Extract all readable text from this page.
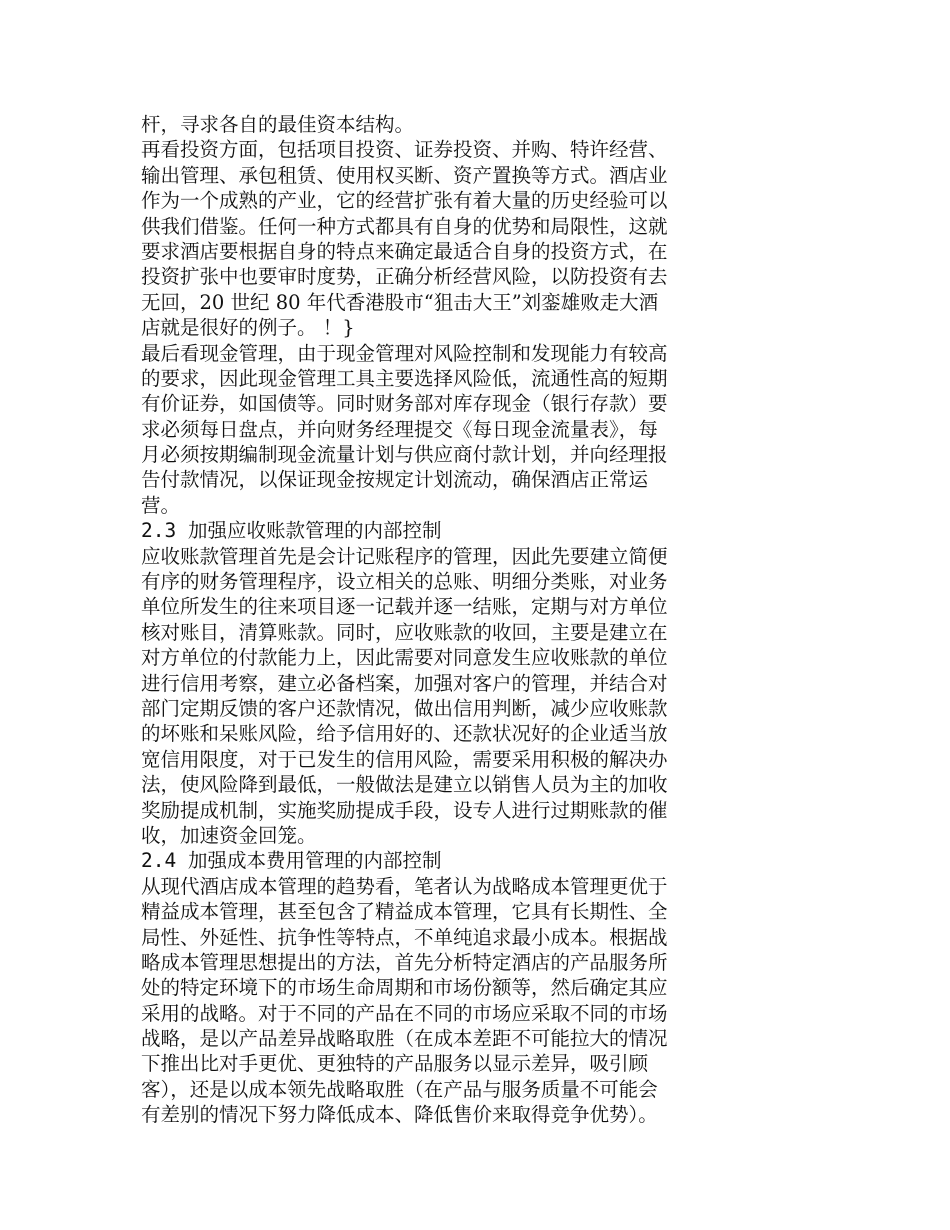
杆，寻求各自的最佳资本结构。
再看投资方面，包括项目投资、证券投资、并购、特许经营、
输出管理、承包租赁、使用权买断、资产置换等方式。酒店业
作为一个成熟的产业，它的经营扩张有着大量的历史经验可以
供我们借鉴。任何一种方式都具有自身的优势和局限性，这就
要求酒店要根据自身的特点来确定最适合自身的投资方式，在
投资扩张中也要审时度势，正确分析经营风险，以防投资有去
无回，20 世纪 80 年代香港股市“狙击大王”刘銮雄败走大酒
店就是很好的例子。 ！}
最后看现金管理，由于现金管理对风险控制和发现能力有较高
的要求，因此现金管理工具主要选择风险低，流通性高的短期
有价证券，如国债等。同时财务部对库存现金（银行存款）要
求必须每日盘点，并向财务经理提交《每日现金流量表》，每
月必须按期编制现金流量计划与供应商付款计划，并向经理报
告付款情况，以保证现金按规定计划流动，确保酒店正常运
营。
2.3 加强应收账款管理的内部控制
应收账款管理首先是会计记账程序的管理，因此先要建立简便
有序的财务管理程序，设立相关的总账、明细分类账，对业务
单位所发生的往来项目逐一记载并逐一结账，定期与对方单位
核对账目，清算账款。同时，应收账款的收回，主要是建立在
对方单位的付款能力上，因此需要对同意发生应收账款的单位
进行信用考察，建立必备档案，加强对客户的管理，并结合对
部门定期反馈的客户还款情况，做出信用判断，减少应收账款
的坏账和呆账风险，给予信用好的、还款状况好的企业适当放
宽信用限度，对于已发生的信用风险，需要采用积极的解决办
法，使风险降到最低，一般做法是建立以销售人员为主的加收
奖励提成机制，实施奖励提成手段，设专人进行过期账款的催
收，加速资金回笼。
2.4 加强成本费用管理的内部控制
从现代酒店成本管理的趋势看，笔者认为战略成本管理更优于
精益成本管理，甚至包含了精益成本管理，它具有长期性、全
局性、外延性、抗争性等特点，不单纯追求最小成本。根据战
略成本管理思想提出的方法，首先分析特定酒店的产品服务所
处的特定环境下的市场生命周期和市场份额等，然后确定其应
采用的战略。对于不同的产品在不同的市场应采取不同的市场
战略，是以产品差异战略取胜（在成本差距不可能拉大的情况
下推出比对手更优、更独特的产品服务以显示差异，吸引顾
客），还是以成本领先战略取胜（在产品与服务质量不可能会
有差别的情况下努力降低成本、降低售价来取得竞争优势）。
